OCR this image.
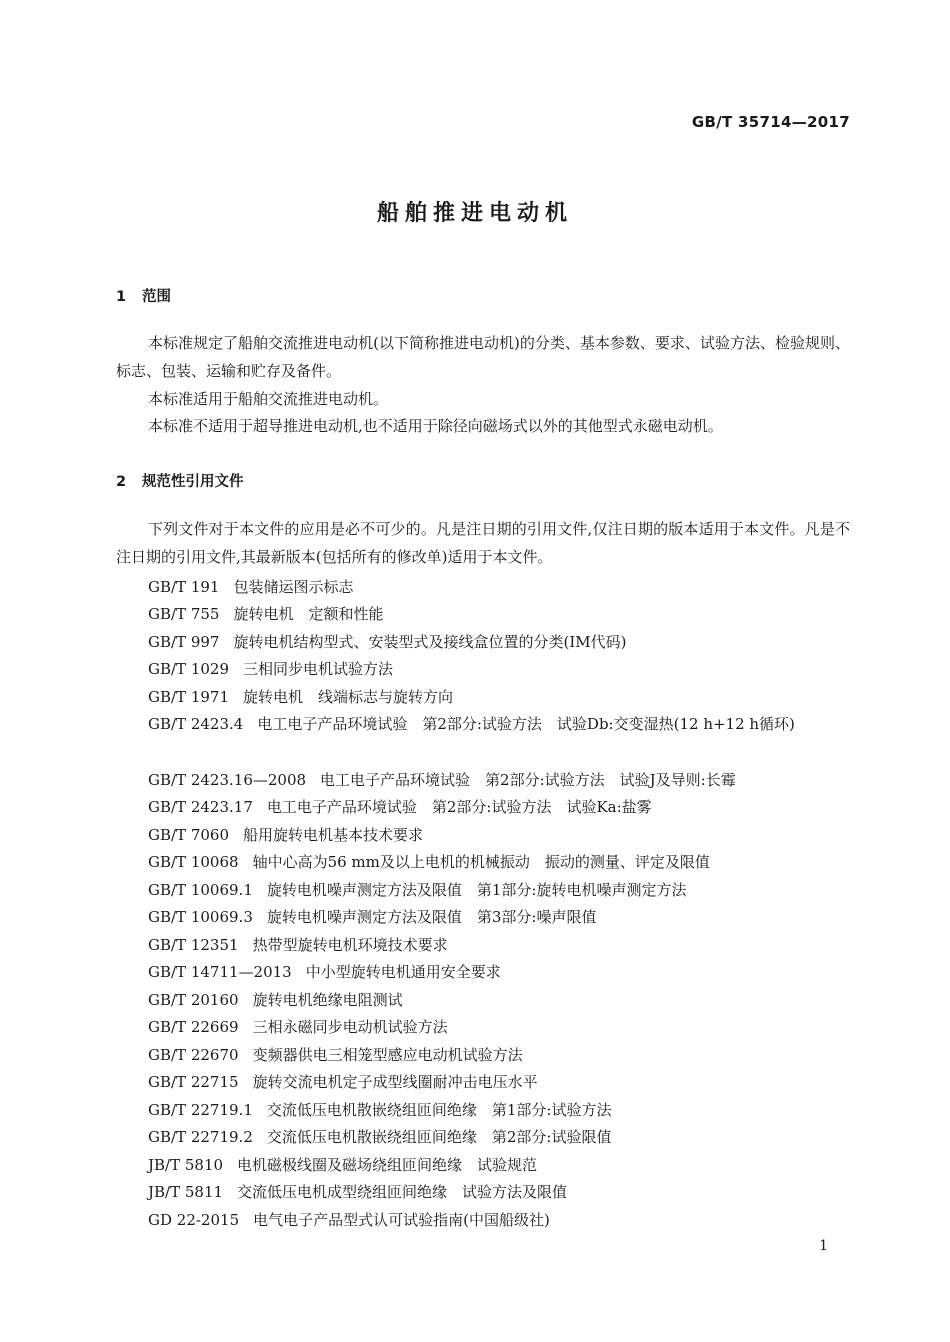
GB/T 35714—2017
船舶推进电动机
1 范围

本标准规定了船舶交流推进电动机(以下简称推进电动机)的分类、基本参数、要求、试验方法、检验规则、标志、包装、运输和贮存及备件。

本标准适用于船舶交流推进电动机。

本标准不适用于超导推进电动机,也不适用于除径向磁场式以外的其他型式永磁电动机。

2 规范性引用文件

下列文件对于本文件的应用是必不可少的。凡是注日期的引用文件,仅注日期的版本适用于本文件。凡是不注日期的引用文件,其最新版本(包括所有的修改单)适用于本文件。

GB/T 191 包装储运图示标志
GB/T 755 旋转电机　定额和性能
GB/T 997 旋转电机结构型式、安装型式及接线盒位置的分类(IM代码)
GB/T 1029 三相同步电机试验方法
GB/T 1971 旋转电机　线端标志与旋转方向

GB/T 2423.4 电工电子产品环境试验　第2部分:试验方法　试验Db:交变湿热(12 h+12 h循环)

GB/T 2423.16—2008 电工电子产品环境试验　第2部分:试验方法　试验J及导则:长霉
GB/T 2423.17 电工电子产品环境试验　第2部分:试验方法　试验Ka:盐雾
GB/T 7060 船用旋转电机基本技术要求
GB/T 10068 轴中心高为56 mm及以上电机的机械振动　振动的测量、评定及限值
GB/T 10069.1 旋转电机噪声测定方法及限值　第1部分:旋转电机噪声测定方法
GB/T 10069.3 旋转电机噪声测定方法及限值　第3部分:噪声限值
GB/T 12351 热带型旋转电机环境技术要求
GB/T 14711—2013 中小型旋转电机通用安全要求
GB/T 20160 旋转电机绝缘电阻测试
GB/T 22669 三相永磁同步电动机试验方法
GB/T 22670 变频器供电三相笼型感应电动机试验方法
GB/T 22715 旋转交流电机定子成型线圈耐冲击电压水平
GB/T 22719.1 交流低压电机散嵌绕组匝间绝缘　第1部分:试验方法
GB/T 22719.2 交流低压电机散嵌绕组匝间绝缘　第2部分:试验限值
JB/T 5810 电机磁极线圈及磁场绕组匝间绝缘　试验规范
JB/T 5811 交流低压电机成型绕组匝间绝缘　试验方法及限值
GD 22-2015 电气电子产品型式认可试验指南(中国船级社)
1
